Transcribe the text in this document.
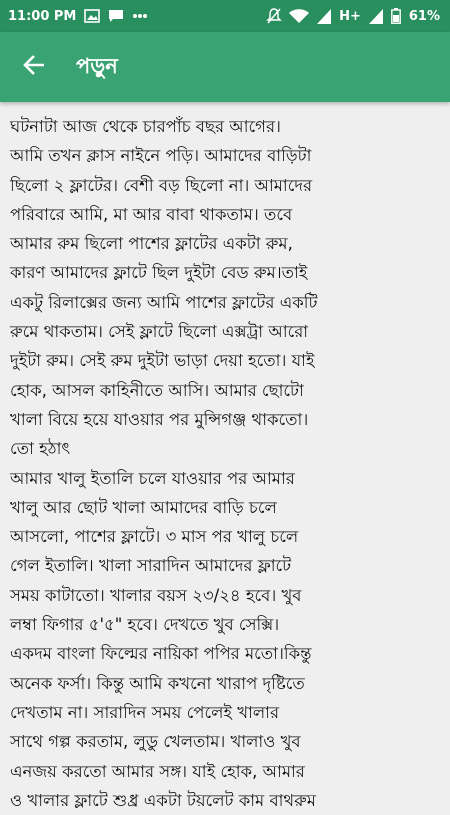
11:00 PM	H+	61%
পড়ুন
ঘটনাটা আজ থেকে চারপাঁচ বছর আগের।
আমি তখন ক্লাস নাইনে পড়ি। আমাদের বাড়িটা
ছিলো ২ ফ্লাটের। বেশী বড় ছিলো না। আমাদের
পরিবারে আমি, মা আর বাবা থাকতাম। তবে
আমার রুম ছিলো পাশের ফ্লাটের একটা রুম,
কারণ আমাদের ফ্লাটে ছিল দুইটা বেড রুম।তাই
একটু রিলাক্সের জন্য আমি পাশের ফ্লাটের একটি
রুমে থাকতাম। সেই ফ্লাটে ছিলো এক্সট্রা আরো
দুইটা রুম। সেই রুম দুইটা ভাড়া দেয়া হতো। যাই
হোক, আসল কাহিনীতে আসি। আমার ছোটো
খালা বিয়ে হয়ে যাওয়ার পর মুন্সিগঞ্জ থাকতো।
তো হঠাৎ
আমার খালু ইতালি চলে যাওয়ার পর আমার
খালু আর ছোট খালা আমাদের বাড়ি চলে
আসলো, পাশের ফ্লাটে। ৩ মাস পর খালু চলে
গেল ইতালি। খালা সারাদিন আমাদের ফ্লাটে
সময় কাটাতো। খালার বয়স ২৩/২৪ হবে। খুব
লম্বা ফিগার ৫'৫" হবে। দেখতে খুব সেক্সি।
একদম বাংলা ফিল্মের নায়িকা পপির মতো।কিন্তু
অনেক ফর্সা। কিন্তু আমি কখনো খারাপ দৃষ্টিতে
দেখতাম না। সারাদিন সময় পেলেই খালার
সাথে গল্প করতাম, লুডু খেলতাম। খালাও খুব
এনজয় করতো আমার সঙ্গ। যাই হোক, আমার
ও খালার ফ্লাটে শুধ্র একটা টয়লেট কাম বাথরুম
